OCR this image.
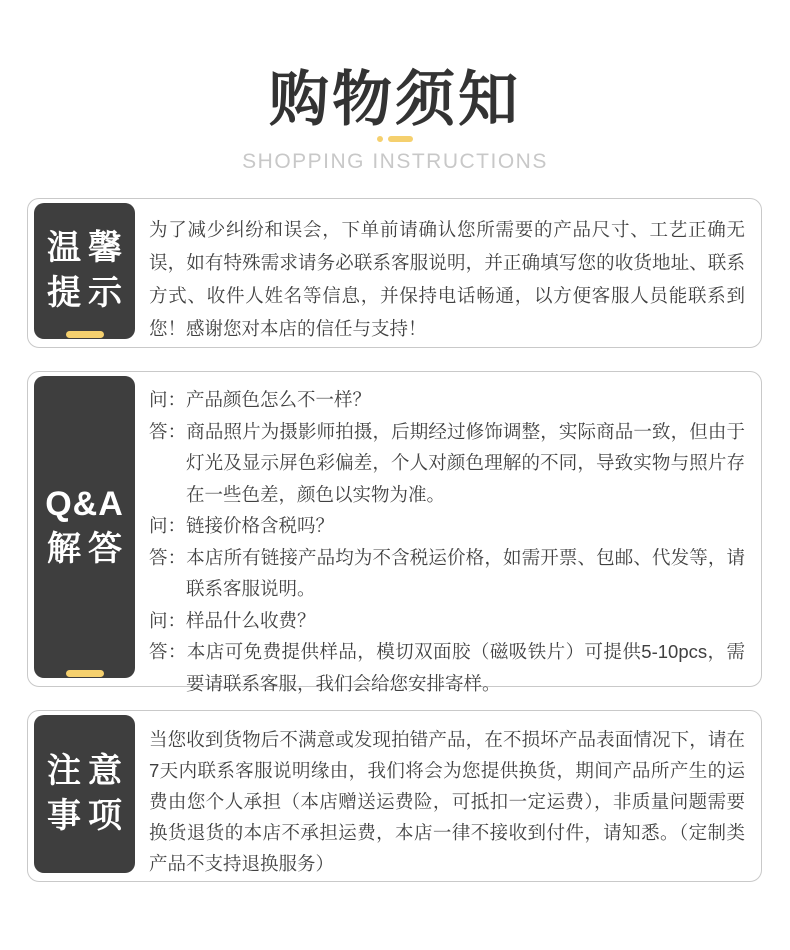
购物须知
SHOPPING INSTRUCTIONS
温馨
提示

为了减少纠纷和误会，下单前请确认您所需要的产品尺寸、工艺正确无误，如有特殊需求请务必联系客服说明，并正确填写您的收货地址、联系方式、收件人姓名等信息，并保持电话畅通，以方便客服人员能联系到您！感谢您对本店的信任与支持！

Q&A
解答

问：产品颜色怎么不一样？

答：商品照片为摄影师拍摄，后期经过修饰调整，实际商品一致，但由于灯光及显示屏色彩偏差，个人对颜色理解的不同，导致实物与照片存在一些色差，颜色以实物为准。

问：链接价格含税吗？

答：本店所有链接产品均为不含税运价格，如需开票、包邮、代发等，请联系客服说明。

问：样品什么收费？

答：本店可免费提供样品，模切双面胶（磁吸铁片）可提供5-10pcs，需要请联系客服，我们会给您安排寄样。

注意
事项

当您收到货物后不满意或发现拍错产品，在不损坏产品表面情况下，请在7天内联系客服说明缘由，我们将会为您提供换货，期间产品所产生的运费由您个人承担（本店赠送运费险，可抵扣一定运费），非质量问题需要换货退货的本店不承担运费，本店一律不接收到付件，请知悉。（定制类产品不支持退换服务）
